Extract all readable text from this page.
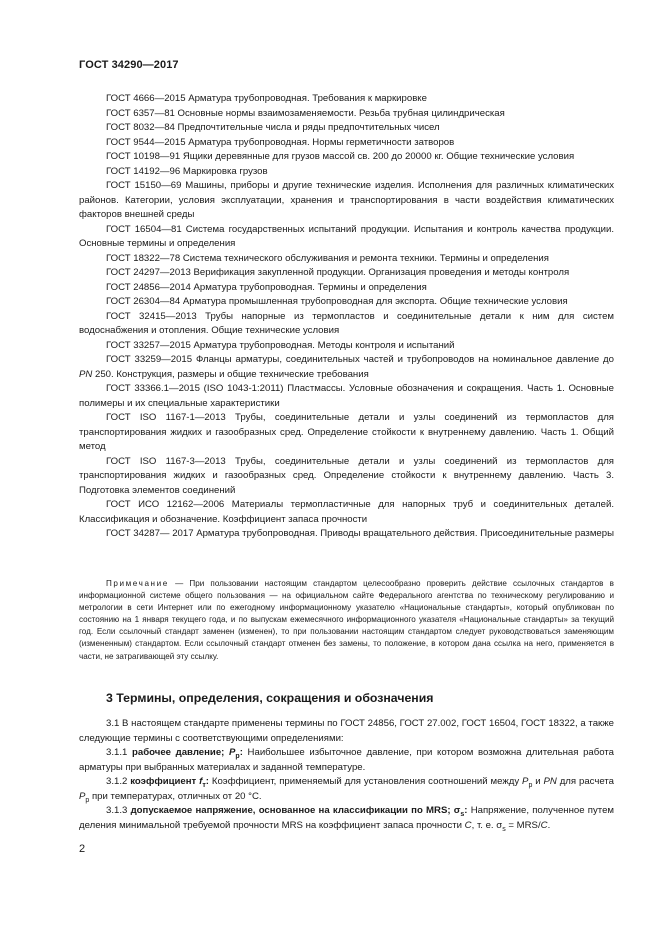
ГОСТ 34290—2017

ГОСТ 4666—2015 Арматура трубопроводная. Требования к маркировке

ГОСТ 6357—81 Основные нормы взаимозаменяемости. Резьба трубная цилиндрическая

ГОСТ 8032—84 Предпочтительные числа и ряды предпочтительных чисел

ГОСТ 9544—2015 Арматура трубопроводная. Нормы герметичности затворов

ГОСТ 10198—91 Ящики деревянные для грузов массой св. 200 до 20000 кг. Общие технические условия

ГОСТ 14192—96 Маркировка грузов

ГОСТ 15150—69 Машины, приборы и другие технические изделия. Исполнения для различных климатических районов. Категории, условия эксплуатации, хранения и транспортирования в части воздействия климатических факторов внешней среды

ГОСТ 16504—81 Система государственных испытаний продукции. Испытания и контроль качества продукции. Основные термины и определения

ГОСТ 18322—78 Система технического обслуживания и ремонта техники. Термины и определения

ГОСТ 24297—2013 Верификация закупленной продукции. Организация проведения и методы контроля

ГОСТ 24856—2014 Арматура трубопроводная. Термины и определения

ГОСТ 26304—84 Арматура промышленная трубопроводная для экспорта. Общие технические условия

ГОСТ 32415—2013 Трубы напорные из термопластов и соединительные детали к ним для систем водоснабжения и отопления. Общие технические условия

ГОСТ 33257—2015 Арматура трубопроводная. Методы контроля и испытаний

ГОСТ 33259—2015 Фланцы арматуры, соединительных частей и трубопроводов на номинальное давление до PN 250. Конструкция, размеры и общие технические требования

ГОСТ 33366.1—2015 (ISO 1043-1:2011) Пластмассы. Условные обозначения и сокращения. Часть 1. Основные полимеры и их специальные характеристики

ГОСТ ISO 1167-1—2013 Трубы, соединительные детали и узлы соединений из термопластов для транспортирования жидких и газообразных сред. Определение стойкости к внутреннему давлению. Часть 1. Общий метод

ГОСТ ISO 1167-3—2013 Трубы, соединительные детали и узлы соединений из термопластов для транспортирования жидких и газообразных сред. Определение стойкости к внутреннему давлению. Часть 3. Подготовка элементов соединений

ГОСТ ИСО 12162—2006 Материалы термопластичные для напорных труб и соединительных деталей. Классификация и обозначение. Коэффициент запаса прочности

ГОСТ 34287— 2017 Арматура трубопроводная. Приводы вращательного действия. Присоединительные размеры

Примечание — При пользовании настоящим стандартом целесообразно проверить действие ссылочных стандартов в информационной системе общего пользования — на официальном сайте Федерального агентства по техническому регулированию и метрологии в сети Интернет или по ежегодному информационному указателю «Национальные стандарты», который опубликован по состоянию на 1 января текущего года, и по выпускам ежемесячного информационного указателя «Национальные стандарты» за текущий год. Если ссылочный стандарт заменен (изменен), то при пользовании настоящим стандартом следует руководствоваться заменяющим (измененным) стандартом. Если ссылочный стандарт отменен без замены, то положение, в котором дана ссылка на него, применяется в части, не затрагивающей эту ссылку.

3 Термины, определения, сокращения и обозначения

3.1 В настоящем стандарте применены термины по ГОСТ 24856, ГОСТ 27.002, ГОСТ 16504, ГОСТ 18322, а также следующие термины с соответствующими определениями:

3.1.1 рабочее давление; $P_р$: Наибольшее избыточное давление, при котором возможна длительная работа арматуры при выбранных материалах и заданной температуре.

3.1.2 коэффициент $f_т$: Коэффициент, применяемый для установления соотношений между $P_р$ и PN для расчета $P_р$ при температурах, отличных от 20 °С.

3.1.3 допускаемое напряжение, основанное на классификации по MRS; $\sigma_s$: Напряжение, полученное путем деления минимальной требуемой прочности MRS на коэффициент запаса прочности C, т. е. $\sigma_s = MRS/C$.

2
